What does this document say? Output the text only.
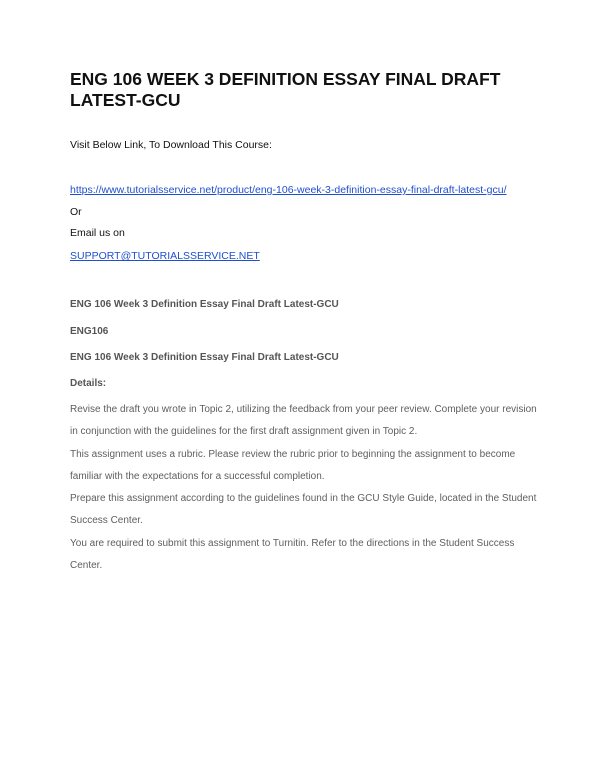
ENG 106 WEEK 3 DEFINITION ESSAY FINAL DRAFT LATEST-GCU

Visit Below Link, To Download This Course:

https://www.tutorialsservice.net/product/eng-106-week-3-definition-essay-final-draft-latest-gcu/

Or

Email us on

SUPPORT@TUTORIALSSERVICE.NET

ENG 106 Week 3 Definition Essay Final Draft Latest-GCU

ENG106

ENG 106 Week 3 Definition Essay Final Draft Latest-GCU

Details:

Revise the draft you wrote in Topic 2, utilizing the feedback from your peer review. Complete your revision in conjunction with the guidelines for the first draft assignment given in Topic 2.

This assignment uses a rubric. Please review the rubric prior to beginning the assignment to become familiar with the expectations for a successful completion.

Prepare this assignment according to the guidelines found in the GCU Style Guide, located in the Student Success Center.

You are required to submit this assignment to Turnitin. Refer to the directions in the Student Success Center.
